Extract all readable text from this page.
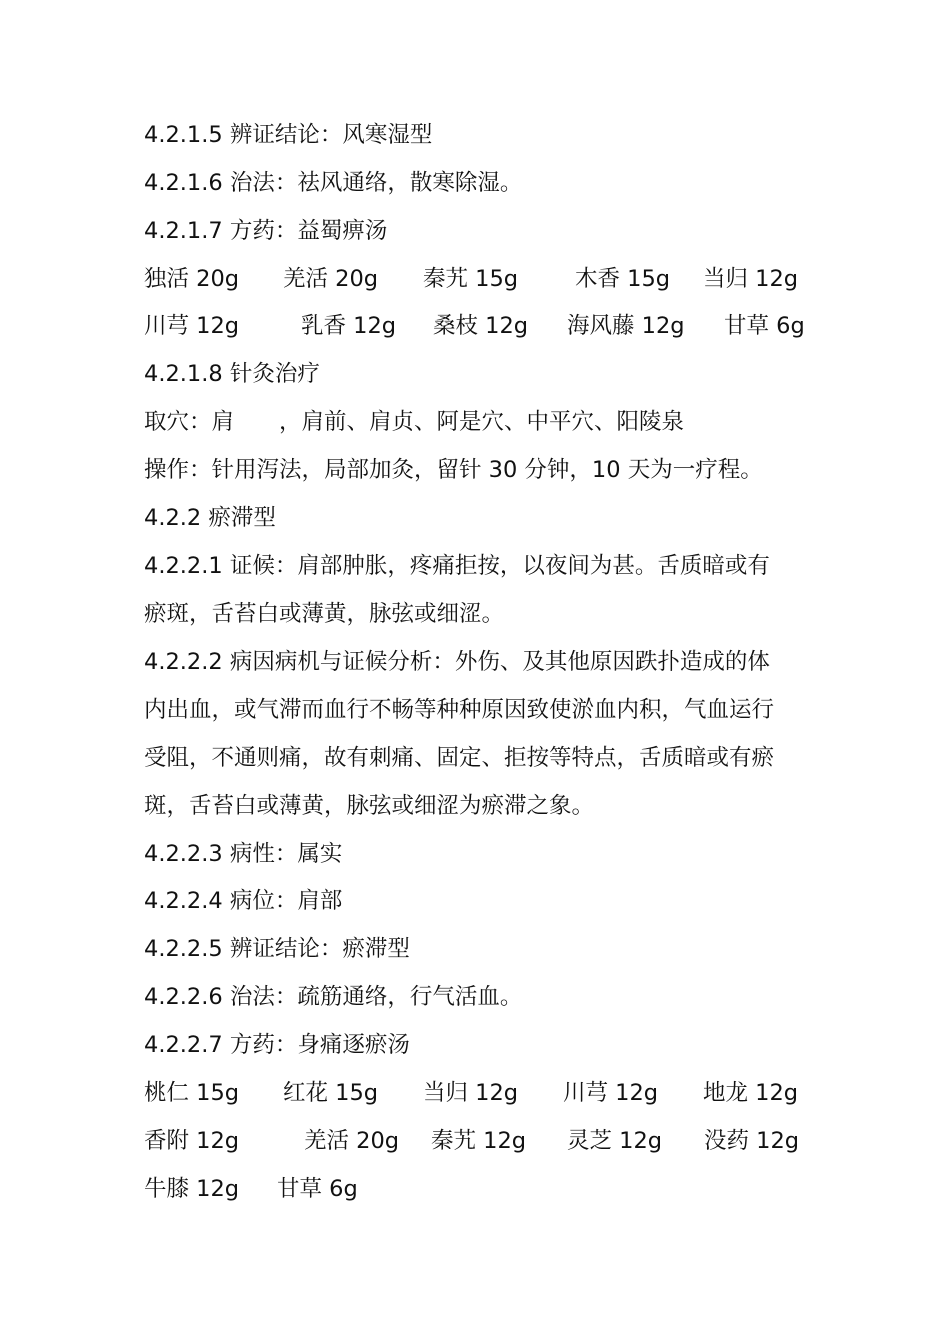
4.2.1.5 辨证结论：风寒湿型
4.2.1.6 治法：祛风通络，散寒除湿。
4.2.1.7 方药：益蜀痹汤
独活 20g 羌活 20g 秦艽 15g	木香 15g 当归 12g
川芎 12g	乳香 12g 桑枝 12g 海风藤 12g 甘草 6g
4.2.1.8 针灸治疗
取穴：肩　　，肩前、肩贞、阿是穴、中平穴、阳陵泉
操作：针用泻法，局部加灸，留针 30 分钟，10 天为一疗程。
4.2.2 瘀滞型
4.2.2.1 证候：肩部肿胀，疼痛拒按，以夜间为甚。舌质暗或有
瘀斑，舌苔白或薄黄，脉弦或细涩。
4.2.2.2 病因病机与证候分析：外伤、及其他原因跌扑造成的体
内出血，或气滞而血行不畅等种种原因致使淤血内积，气血运行
受阻，不通则痛，故有刺痛、固定、拒按等特点，舌质暗或有瘀
斑，舌苔白或薄黄，脉弦或细涩为瘀滞之象。
4.2.2.3 病性：属实
4.2.2.4 病位：肩部
4.2.2.5 辨证结论：瘀滞型
4.2.2.6 治法：疏筋通络，行气活血。
4.2.2.7 方药：身痛逐瘀汤
桃仁 15g 红花 15g 当归 12g 川芎 12g 地龙 12g
香附 12g	羌活 20g 秦艽 12g 灵芝 12g 没药 12g
牛膝 12g 甘草 6g
